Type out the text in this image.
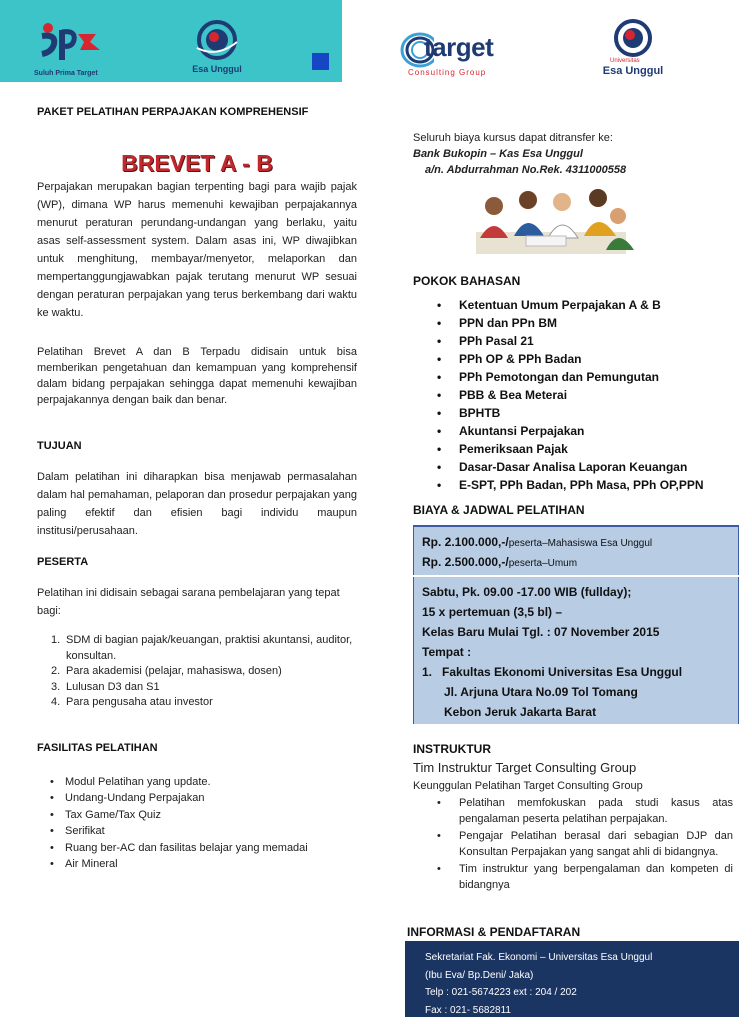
Suluh Prima Target	Esa Unggul
target
Consulting Group
Universitas
Esa Unggul
PAKET PELATIHAN PERPAJAKAN KOMPREHENSIF
BREVET A - B

Perpajakan merupakan bagian terpenting bagi para wajib pajak (WP), dimana WP harus memenuhi kewajiban perpajakannya menurut peraturan perundang-undangan yang berlaku, yaitu asas self-assessment system. Dalam asas ini, WP diwajibkan untuk menghitung, membayar/menyetor, melaporkan dan mempertanggungjawabkan pajak terutang menurut WP sesuai dengan peraturan perpajakan yang terus berkembang dari waktu ke waktu.

Pelatihan Brevet A dan B Terpadu didisain untuk bisa memberikan pengetahuan dan kemampuan yang komprehensif dalam bidang perpajakan sehingga dapat memenuhi kewajiban perpajakannya dengan baik dan benar.

TUJUAN

Dalam pelatihan ini diharapkan bisa menjawab permasalahan dalam hal pemahaman, pelaporan dan prosedur perpajakan yang paling efektif dan efisien bagi individu maupun institusi/perusahaan.

PESERTA

Pelatihan ini didisain sebagai sarana pembelajaran yang tepat bagi:

1. SDM di bagian pajak/keuangan, praktisi akuntansi, auditor, konsultan.
2. Para akademisi (pelajar, mahasiswa, dosen)
3. Lulusan D3 dan S1
4. Para pengusaha atau investor
FASILITAS PELATIHAN
• Modul Pelatihan yang update.
• Undang-Undang Perpajakan
• Tax Game/Tax Quiz
• Serifikat
• Ruang ber-AC dan fasilitas belajar yang memadai
• Air Mineral
Seluruh biaya kursus dapat ditransfer ke:
Bank Bukopin – Kas Esa Unggul
a/n. Abdurrahman No.Rek. 4311000558
POKOK BAHASAN
• Ketentuan Umum Perpajakan A & B
• PPN dan PPn BM
• PPh Pasal 21
• PPh OP & PPh Badan
• PPh Pemotongan dan Pemungutan
• PBB & Bea Meterai
• BPHTB
• Akuntansi Perpajakan
• Pemeriksaan Pajak
• Dasar-Dasar Analisa Laporan Keuangan
• E-SPT, PPh Badan, PPh Masa, PPh OP,PPN
BIAYA & JADWAL PELATIHAN
Rp. 2.100.000,-/peserta–Mahasiswa Esa Unggul
Rp. 2.500.000,-/peserta–Umum
Sabtu, Pk. 09.00 -17.00 WIB (fullday);
15 x pertemuan (3,5 bl) –
Kelas Baru Mulai Tgl. : 07 November 2015
Tempat :
1. Fakultas Ekonomi Universitas Esa Unggul
Jl. Arjuna Utara No.09 Tol Tomang
Kebon Jeruk Jakarta Barat
INSTRUKTUR
Tim Instruktur Target Consulting Group
Keunggulan Pelatihan Target Consulting Group
• Pelatihan memfokuskan pada studi kasus atas pengalaman peserta pelatihan perpajakan.
• Pengajar Pelatihan berasal dari sebagian DJP dan Konsultan Perpajakan yang sangat ahli di bidangnya.
• Tim instruktur yang berpengalaman dan kompeten di bidangnya
INFORMASI & PENDAFTARAN
Sekretariat Fak. Ekonomi – Universitas Esa Unggul
(Ibu Eva/ Bp.Deni/ Jaka)
Telp : 021-5674223 ext : 204 / 202
Fax : 021- 5682811
